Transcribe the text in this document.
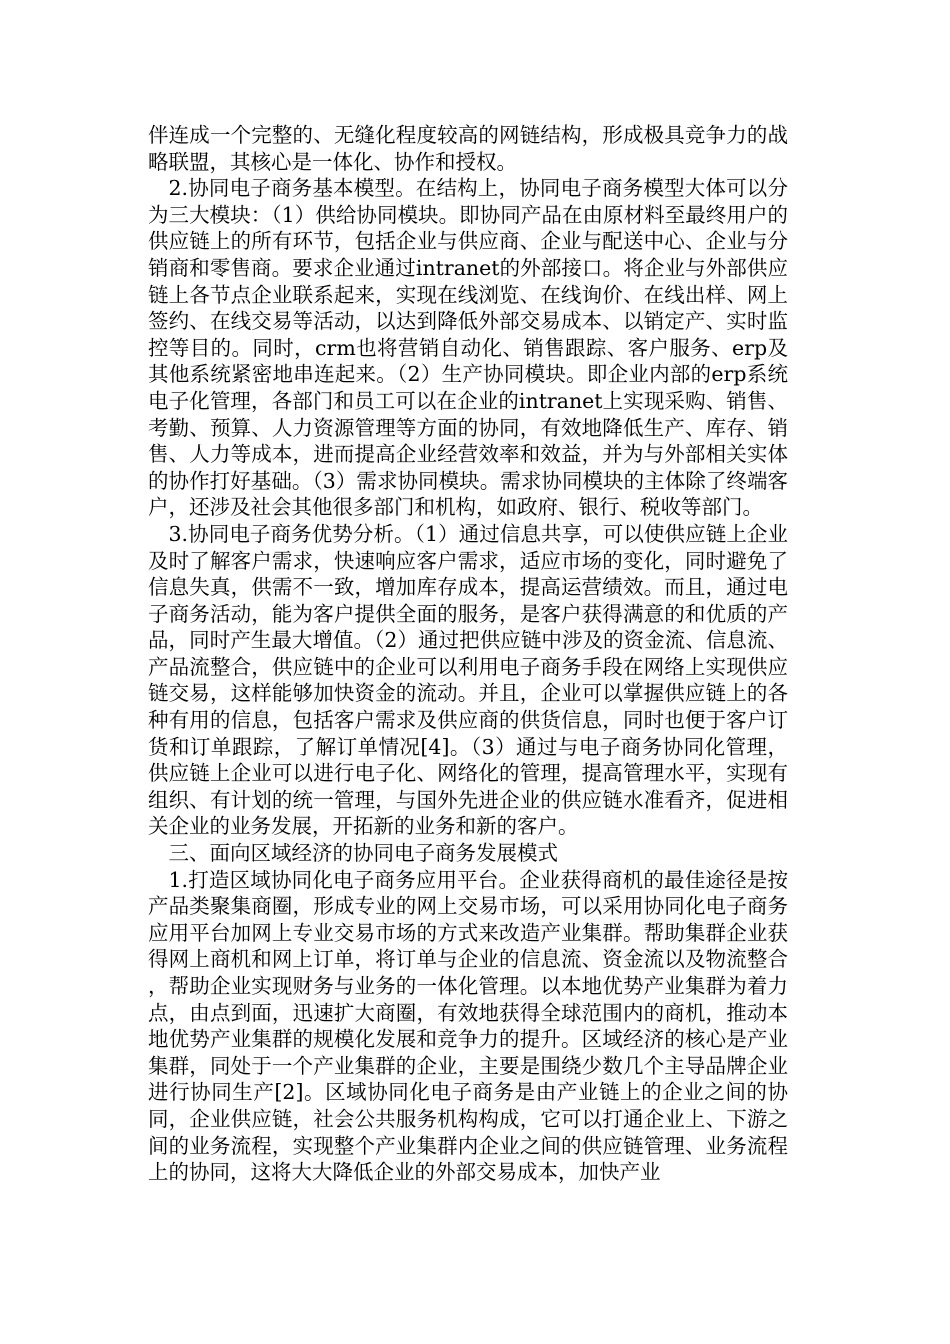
伴连成一个完整的、无缝化程度较高的网链结构，形成极具竞争力的战略联盟，其核心是一体化、协作和授权。

2.协同电子商务基本模型。在结构上，协同电子商务模型大体可以分为三大模块：（1）供给协同模块。即协同产品在由原材料至最终用户的供应链上的所有环节，包括企业与供应商、企业与配送中心、企业与分销商和零售商。要求企业通过intranet的外部接口。将企业与外部供应链上各节点企业联系起来，实现在线浏览、在线询价、在线出样、网上签约、在线交易等活动，以达到降低外部交易成本、以销定产、实时监控等目的。同时，crm也将营销自动化、销售跟踪、客户服务、erp及其他系统紧密地串连起来。（2）生产协同模块。即企业内部的erp系统电子化管理，各部门和员工可以在企业的intranet上实现采购、销售、考勤、预算、人力资源管理等方面的协同，有效地降低生产、库存、销售、人力等成本，进而提高企业经营效率和效益，并为与外部相关实体的协作打好基础。（3）需求协同模块。需求协同模块的主体除了终端客户，还涉及社会其他很多部门和机构，如政府、银行、税收等部门。

3.协同电子商务优势分析。（1）通过信息共享，可以使供应链上企业及时了解客户需求，快速响应客户需求，适应市场的变化，同时避免了信息失真，供需不一致，增加库存成本，提高运营绩效。而且，通过电子商务活动，能为客户提供全面的服务，是客户获得满意的和优质的产品，同时产生最大增值。（2）通过把供应链中涉及的资金流、信息流、产品流整合，供应链中的企业可以利用电子商务手段在网络上实现供应链交易，这样能够加快资金的流动。并且，企业可以掌握供应链上的各种有用的信息，包括客户需求及供应商的供货信息，同时也便于客户订货和订单跟踪，了解订单情况[4]。（3）通过与电子商务协同化管理，供应链上企业可以进行电子化、网络化的管理，提高管理水平，实现有组织、有计划的统一管理，与国外先进企业的供应链水准看齐，促进相关企业的业务发展，开拓新的业务和新的客户。

三、面向区域经济的协同电子商务发展模式

1.打造区域协同化电子商务应用平台。企业获得商机的最佳途径是按产品类聚集商圈，形成专业的网上交易市场，可以采用协同化电子商务应用平台加网上专业交易市场的方式来改造产业集群。帮助集群企业获得网上商机和网上订单，将订单与企业的信息流、资金流以及物流整合，帮助企业实现财务与业务的一体化管理。以本地优势产业集群为着力点，由点到面，迅速扩大商圈，有效地获得全球范围内的商机，推动本地优势产业集群的规模化发展和竞争力的提升。区域经济的核心是产业集群，同处于一个产业集群的企业，主要是围绕少数几个主导品牌企业进行协同生产[2]。区域协同化电子商务是由产业链上的企业之间的协同，企业供应链，社会公共服务机构构成，它可以打通企业上、下游之间的业务流程，实现整个产业集群内企业之间的供应链管理、业务流程上的协同，这将大大降低企业的外部交易成本，加快产业
